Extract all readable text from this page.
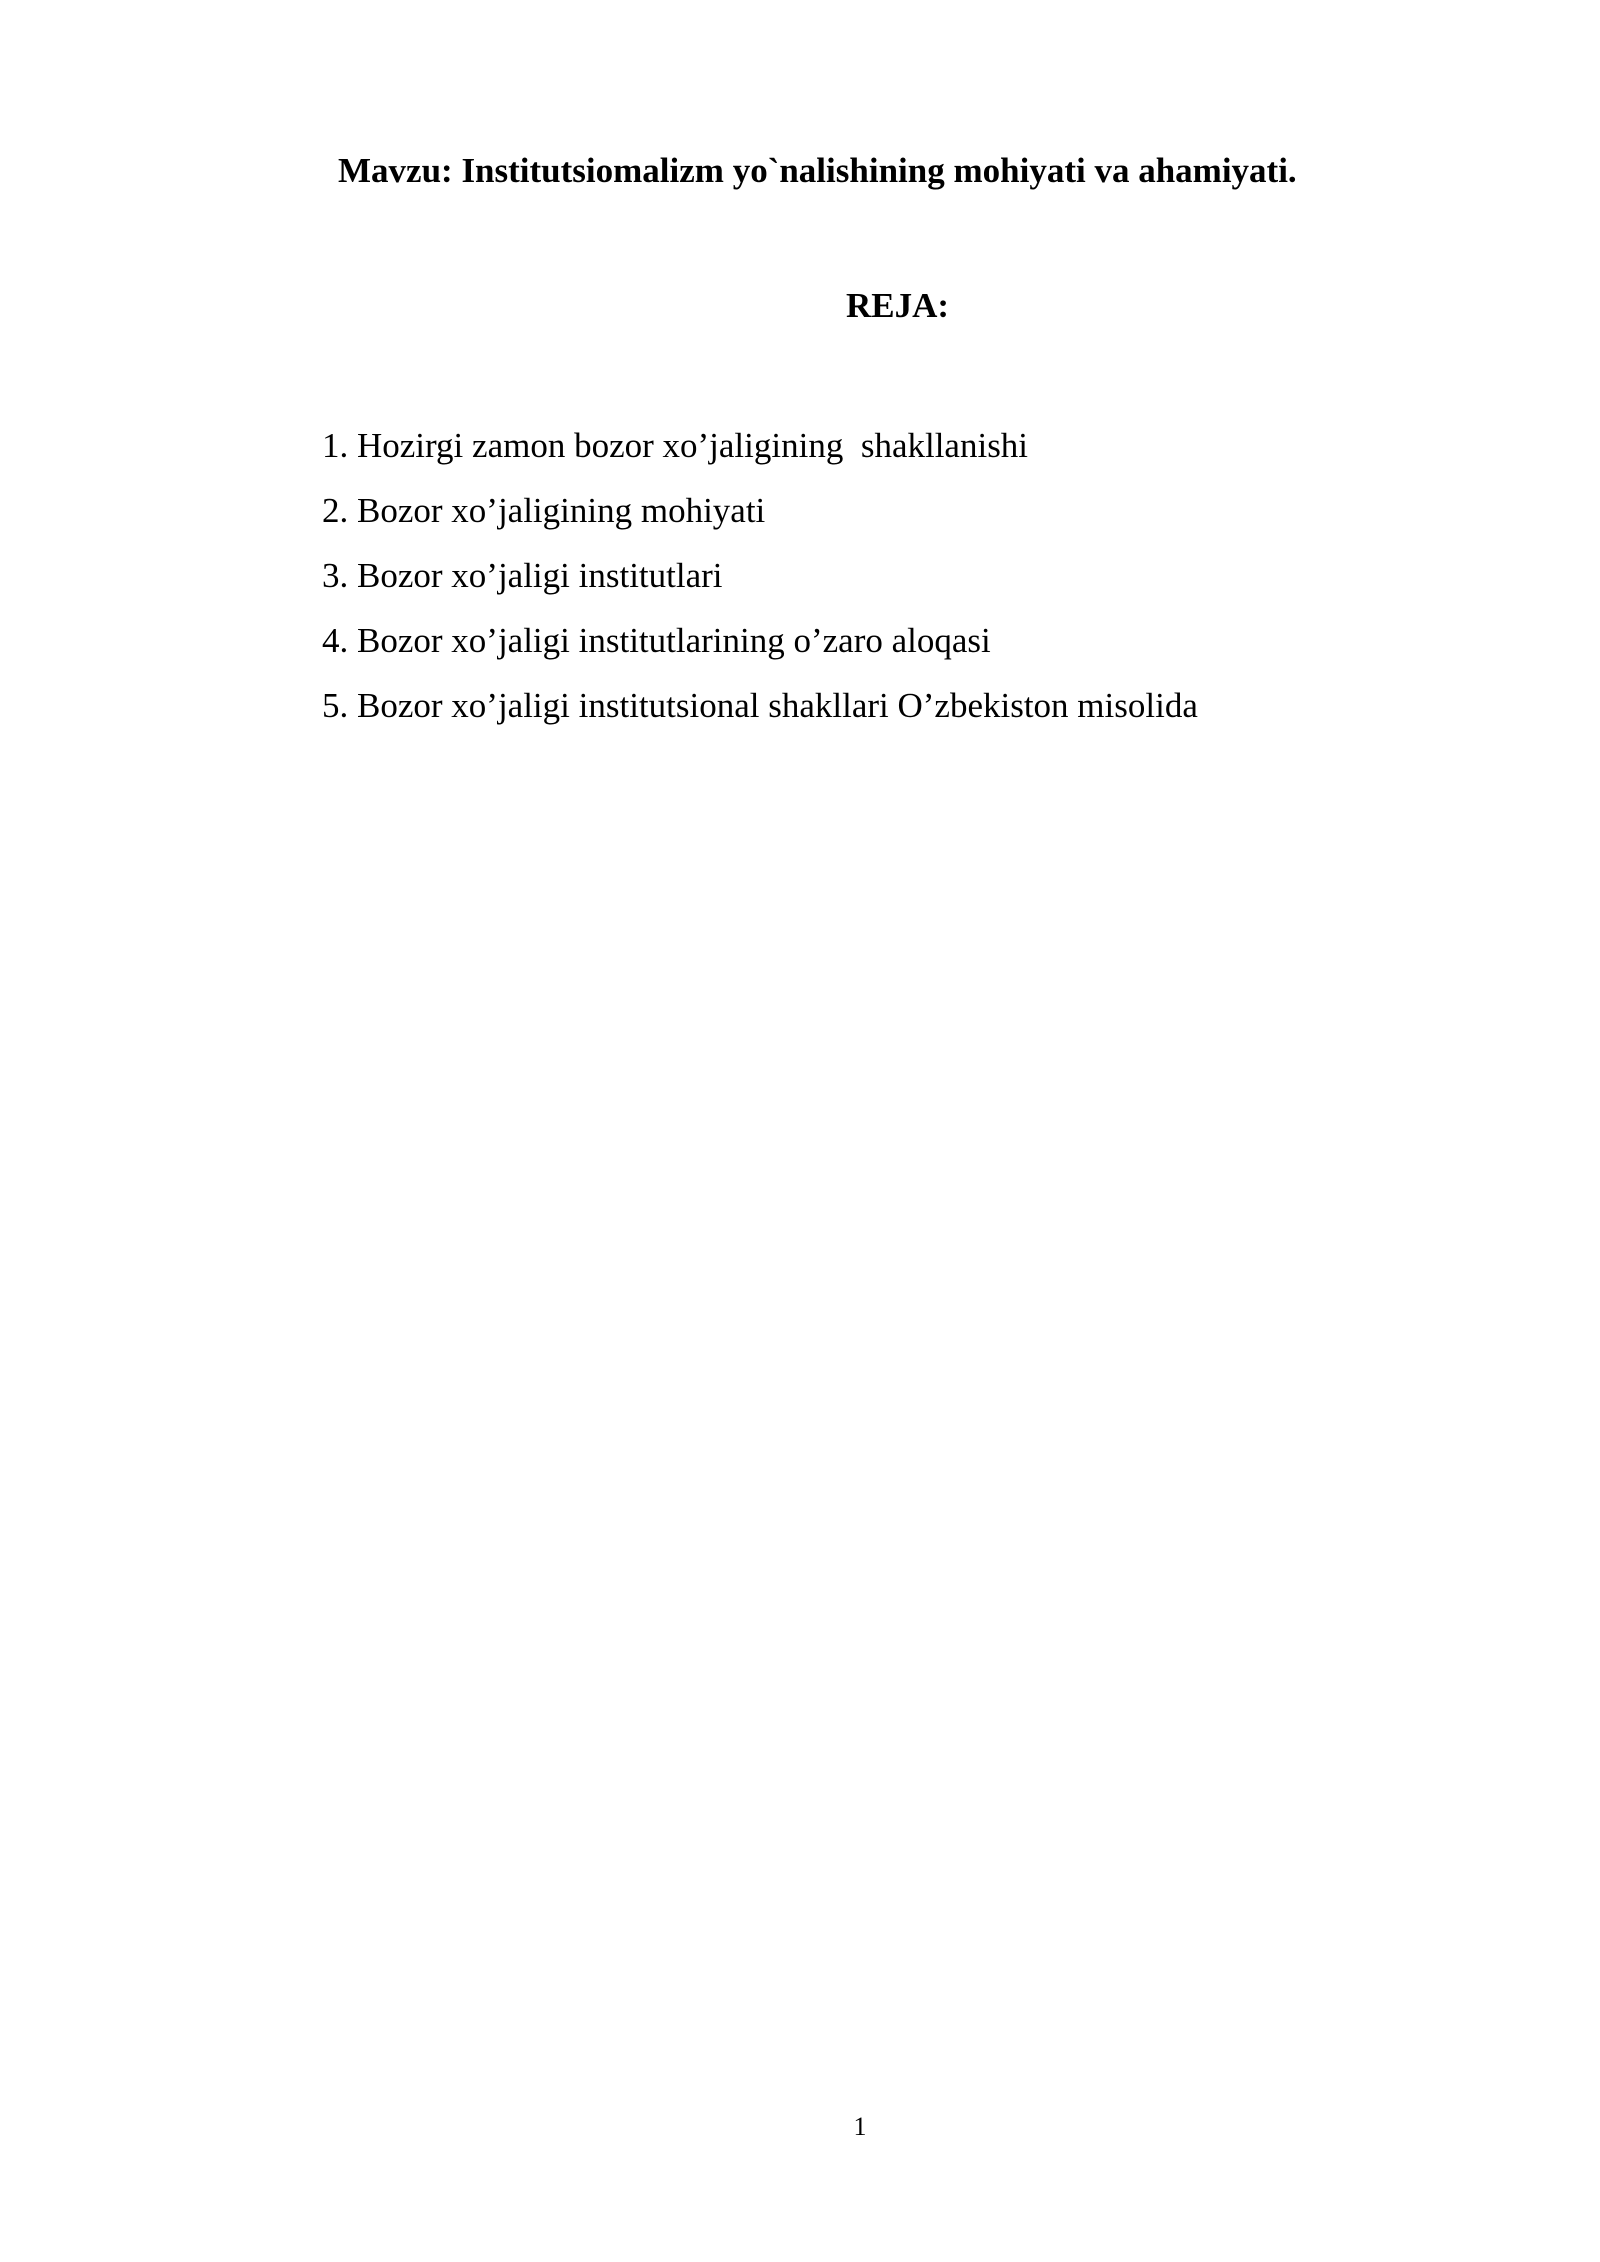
Mavzu: Institutsiomalizm yo`nalishining mohiyati va ahamiyati.
REJA:
1. Hozirgi zamon bozor xo’jaligining  shakllanishi
2. Bozor xo’jaligining mohiyati
3. Bozor xo’jaligi institutlari
4. Bozor xo’jaligi institutlarining o’zaro aloqasi
5. Bozor xo’jaligi institutsional shakllari O’zbekiston misolida
1
